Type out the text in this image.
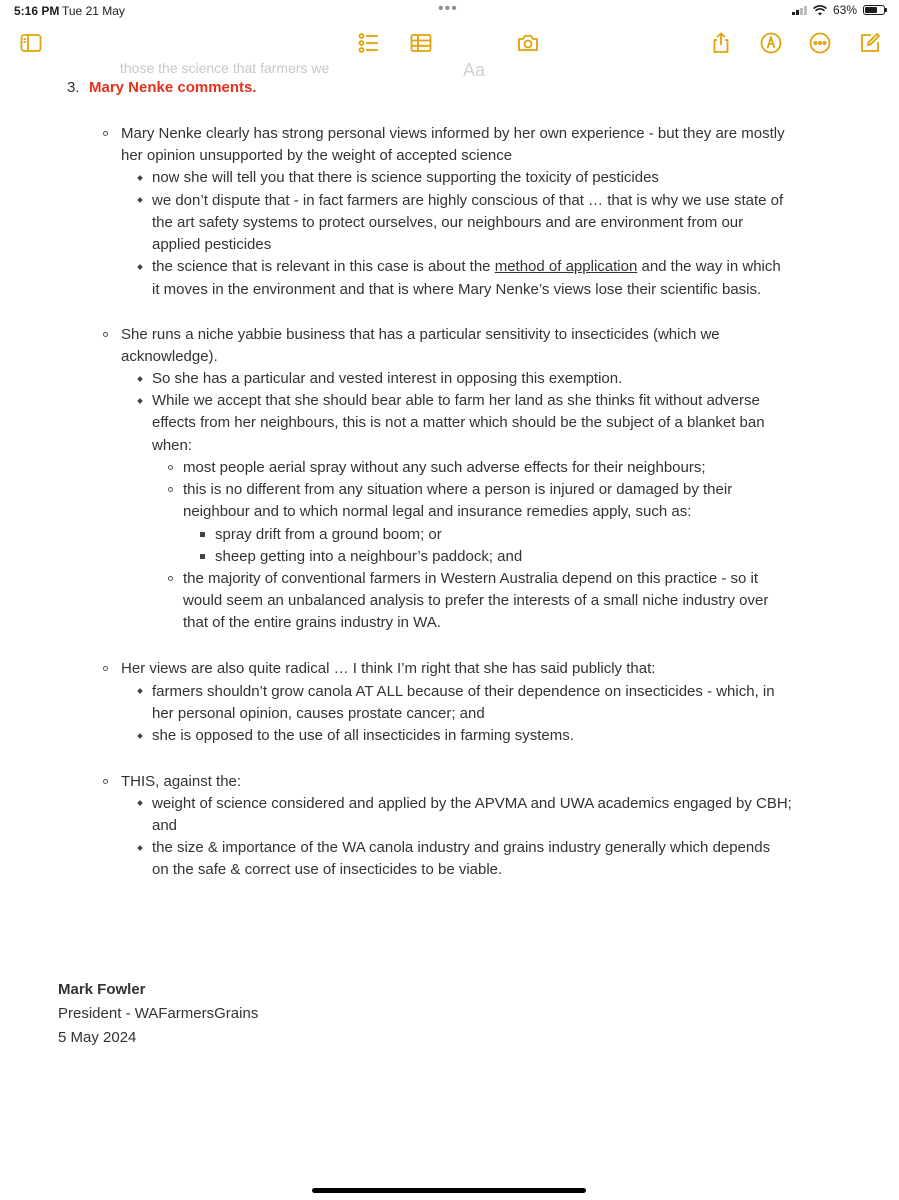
5:16 PM Tue 21 May	•••	63%
those the science that farmers we	Aa
3. Mary Nenke comments.
Mary Nenke clearly has strong personal views informed by her own experience - but they are mostly
her opinion unsupported by the weight of accepted science
now she will tell you that there is science supporting the toxicity of pesticides
we don’t dispute that - in fact farmers are highly conscious of that … that is why we use state of
the art safety systems to protect ourselves, our neighbours and are environment from our
applied pesticides
the science that is relevant in this case is about the method of application and the way in which
it moves in the environment and that is where Mary Nenke’s views lose their scientific basis.
She runs a niche yabbie business that has a particular sensitivity to insecticides (which we
acknowledge).
So she has a particular and vested interest in opposing this exemption.
While we accept that she should bear able to farm her land as she thinks fit without adverse
effects from her neighbours, this is not a matter which should be the subject of a blanket ban
when:
most people aerial spray without any such adverse effects for their neighbours;
this is no different from any situation where a person is injured or damaged by their
neighbour and to which normal legal and insurance remedies apply, such as:
spray drift from a ground boom; or
sheep getting into a neighbour’s paddock; and
the majority of conventional farmers in Western Australia depend on this practice - so it
would seem an unbalanced analysis to prefer the interests of a small niche industry over
that of the entire grains industry in WA.
Her views are also quite radical … I think I’m right that she has said publicly that:
farmers shouldn’t grow canola AT ALL because of their dependence on insecticides - which, in
her personal opinion, causes prostate cancer; and
she is opposed to the use of all insecticides in farming systems.
THIS, against the:
weight of science considered and applied by the APVMA and UWA academics engaged by CBH;
and
the size & importance of the WA canola industry and grains industry generally which depends
on the safe & correct use of insecticides to be viable.
Mark Fowler
President - WAFarmersGrains
5 May 2024
